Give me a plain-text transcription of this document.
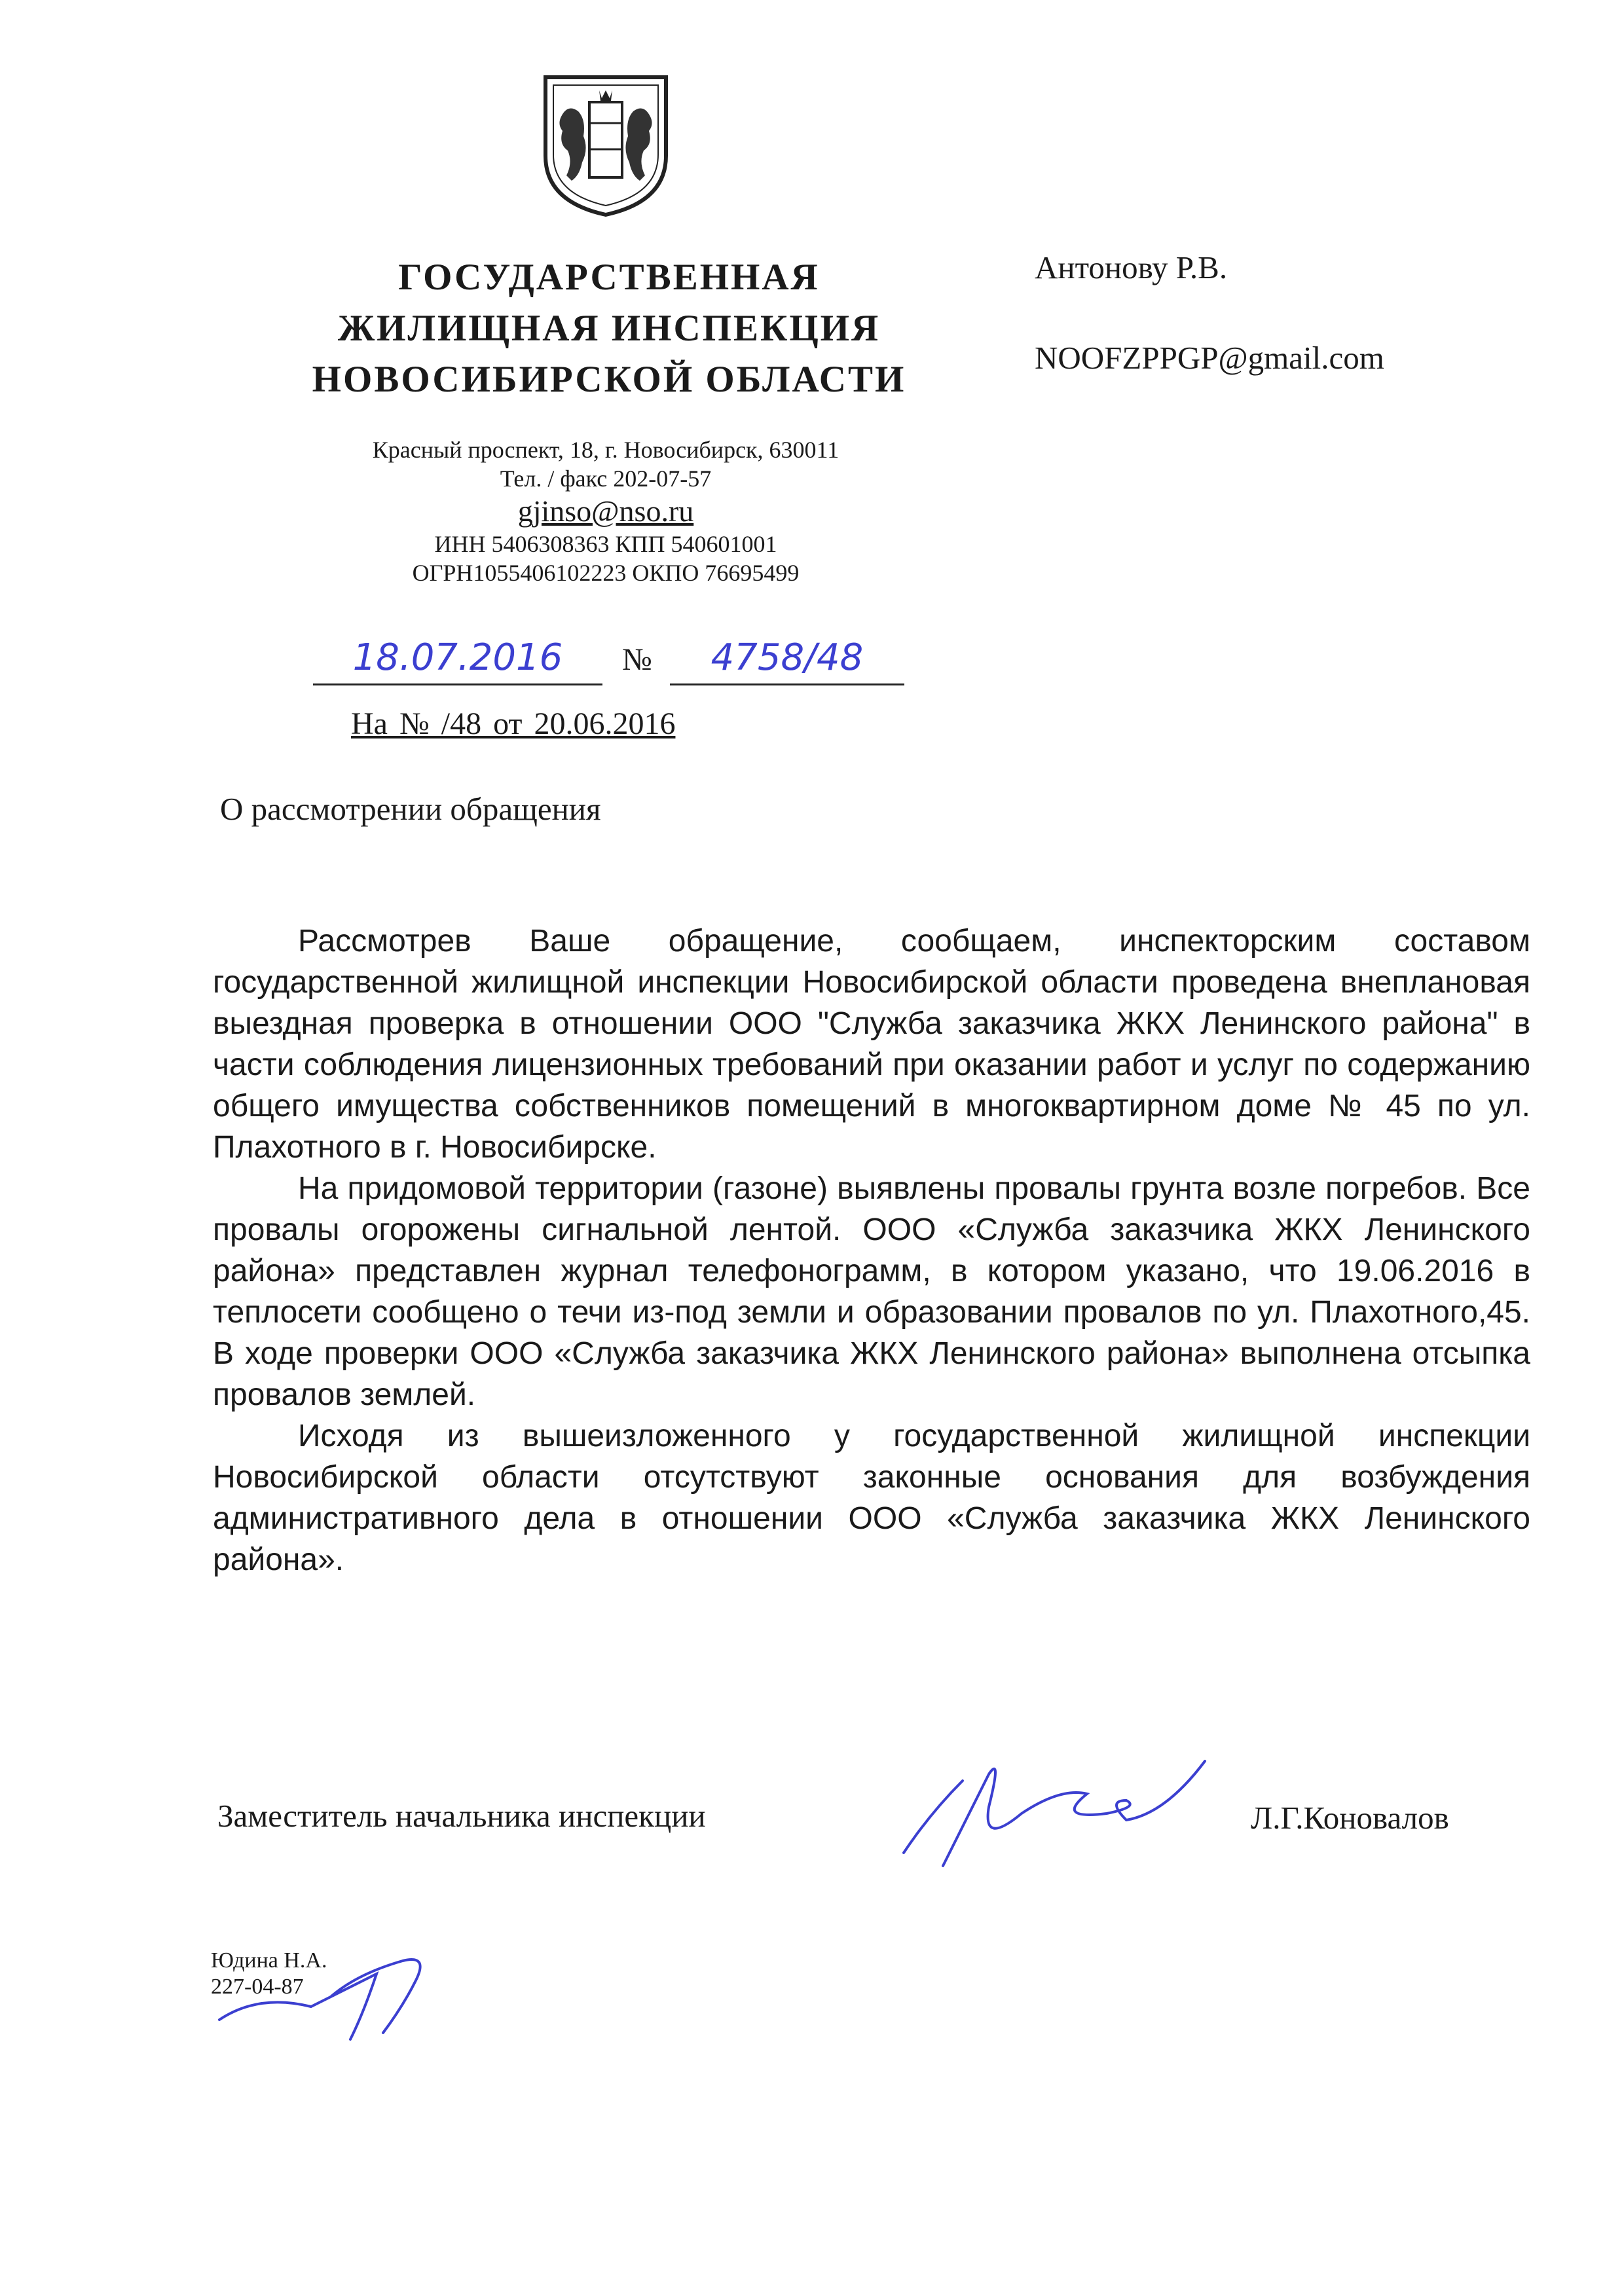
ГОСУДАРСТВЕННАЯ
ЖИЛИЩНАЯ ИНСПЕКЦИЯ
НОВОСИБИРСКОЙ ОБЛАСТИ
Красный проспект, 18, г. Новосибирск, 630011
Тел. / факс 202-07-57
gjinso@nso.ru
ИНН 5406308363 КПП 540601001
ОГРН1055406102223 ОКПО 76695499
Антонову Р.В.
NOOFZPPGP@gmail.com
18.07.2016	№	4758/48
На № /48 от 20.06.2016
О рассмотрении обращения

Рассмотрев Ваше обращение, сообщаем, инспекторским составом государственной жилищной инспекции Новосибирской области проведена внеплановая выездная проверка в отношении ООО "Служба заказчика ЖКХ Ленинского района" в части соблюдения лицензионных требований при оказании работ и услуг по содержанию общего имущества собственников помещений в многоквартирном доме № 45 по ул. Плахотного в г. Новосибирске.

На придомовой территории (газоне) выявлены провалы грунта возле погребов. Все провалы огорожены сигнальной лентой. ООО «Служба заказчика ЖКХ Ленинского района» представлен журнал телефонограмм, в котором указано, что 19.06.2016 в теплосети сообщено о течи из-под земли и образовании провалов по ул. Плахотного,45. В ходе проверки ООО «Служба заказчика ЖКХ Ленинского района» выполнена отсыпка провалов землей.

Исходя из вышеизложенного у государственной жилищной инспекции Новосибирской области отсутствуют законные основания для возбуждения административного дела в отношении ООО «Служба заказчика ЖКХ Ленинского района».

Заместитель начальника инспекции	Л.Г.Коновалов
Юдина Н.А.
227-04-87
